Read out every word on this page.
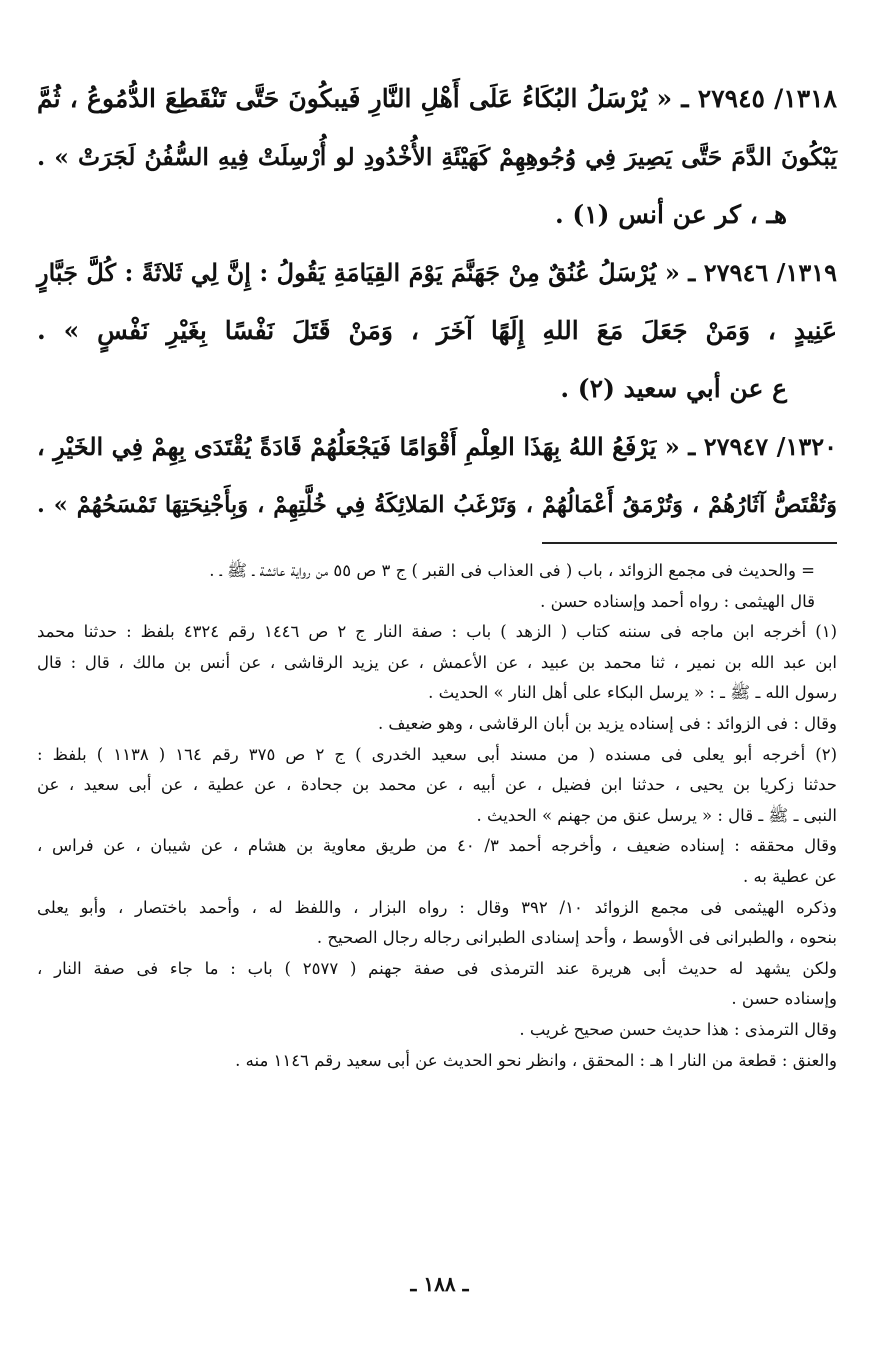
١٣١٨/ ٢٧٩٤٥ ـ « يُرْسَلُ البُكَاءُ عَلَى أَهْلِ النَّارِ فَيبكُونَ حَتَّى تَنْقَطِعَ الدُّمُوعُ ، ثُمَّ
يَبْكُونَ الدَّمَ حَتَّى يَصِيرَ فِي وُجُوهِهِمْ كَهَيْئَةِ الأُخْدُودِ لو أُرْسِلَتْ فِيهِ السُّفُنُ لَجَرَتْ » .
هـ ، كر عن أنس (١) .
١٣١٩/ ٢٧٩٤٦ ـ « يُرْسَلُ عُنُقٌ مِنْ جَهَنَّمَ يَوْمَ القِيَامَةِ يَقُولُ : إِنَّ لِي ثَلاثَةً : كُلَّ جَبَّارٍ
عَنِيدٍ ، وَمَنْ جَعَلَ مَعَ اللهِ إِلَهًا آخَرَ ، وَمَنْ قَتَلَ نَفْسًا بِغَيْرِ نَفْسٍ » .
ع عن أبي سعيد (٢) .
١٣٢٠/ ٢٧٩٤٧ ـ « يَرْفَعُ اللهُ بِهَذَا العِلْمِ أَقْوَامًا فَيَجْعَلُهُمْ قَادَةً يُقْتَدَى بِهِمْ فِي الخَيْرِ ،
وَتُقْتَصُّ آثَارُهُمْ ، وَتُرْمَقُ أَعْمَالُهُمْ ، وَتَرْغَبُ المَلائِكَةُ فِي خُلَّتِهِمْ ، وَبِأَجْنِحَتِهَا تَمْسَحُهُمْ » .
= والحديث فى مجمع الزوائد ، باب ( فى العذاب فى القبر ) ج ٣ ص ٥٥ من رواية عائشة ـ ﷺ ـ .
قال الهيثمى : رواه أحمد وإسناده حسن .
(١) أخرجه ابن ماجه فى سننه كتاب ( الزهد ) باب : صفة النار ج ٢ ص ١٤٤٦ رقم ٤٣٢٤ بلفظ : حدثنا محمد
ابن عبد الله بن نمير ، ثنا محمد بن عبيد ، عن الأعمش ، عن يزيد الرقاشى ، عن أنس بن مالك ، قال : قال
رسول الله ـ ﷺ ـ : « يرسل البكاء على أهل النار » الحديث .
وقال : فى الزوائد : فى إسناده يزيد بن أبان الرقاشى ، وهو ضعيف .
(٢) أخرجه أبو يعلى فى مسنده ( من مسند أبى سعيد الخدرى ) ج ٢ ص ٣٧٥ رقم ١٦٤ ( ١١٣٨ ) بلفظ :
حدثنا زكريا بن يحيى ، حدثنا ابن فضيل ، عن أبيه ، عن محمد بن جحادة ، عن عطية ، عن أبى سعيد ، عن
النبى ـ ﷺ ـ قال : « يرسل عنق من جهنم » الحديث .
وقال محققه : إسناده ضعيف ، وأخرجه أحمد ٣/ ٤٠ من طريق معاوية بن هشام ، عن شيبان ، عن فراس ،
عن عطية به .
وذكره الهيثمى فى مجمع الزوائد ١٠/ ٣٩٢ وقال : رواه البزار ، واللفظ له ، وأحمد باختصار ، وأبو يعلى
بنحوه ، والطبرانى فى الأوسط ، وأحد إسنادى الطبرانى رجاله رجال الصحيح .
ولكن يشهد له حديث أبى هريرة عند الترمذى فى صفة جهنم ( ٢٥٧٧ ) باب : ما جاء فى صفة النار ،
وإسناده حسن .
وقال الترمذى : هذا حديث حسن صحيح غريب .
والعنق : قطعة من النار ا هـ : المحقق ، وانظر نحو الحديث عن أبى سعيد رقم ١١٤٦ منه .
ـ ١٨٨ ـ
